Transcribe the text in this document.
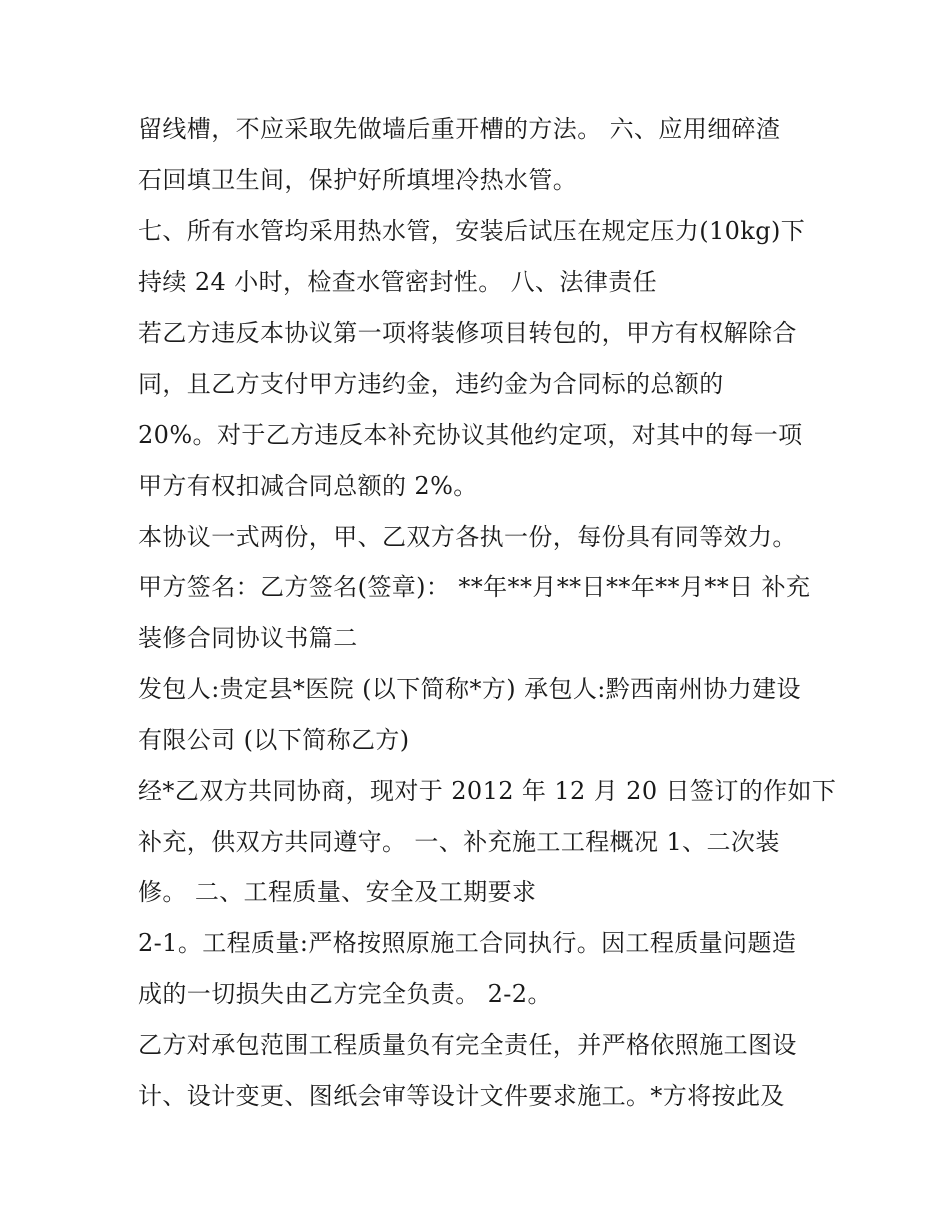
留线槽，不应采取先做墙后重开槽的方法。 六、应用细碎渣
石回填卫生间，保护好所填埋冷热水管。
七、所有水管均采用热水管，安装后试压在规定压力(10kg)下
持续 24 小时，检查水管密封性。 八、法律责任
若乙方违反本协议第一项将装修项目转包的，甲方有权解除合
同，且乙方支付甲方违约金，违约金为合同标的总额的
20%。对于乙方违反本补充协议其他约定项，对其中的每一项
甲方有权扣减合同总额的 2%。
本协议一式两份，甲、乙双方各执一份，每份具有同等效力。
甲方签名：乙方签名(签章)： **年**月**日**年**月**日 补充
装修合同协议书篇二
发包人:贵定县*医院 (以下简称*方) 承包人:黔西南州协力建设
有限公司 (以下简称乙方)
经*乙双方共同协商，现对于 2012 年 12 月 20 日签订的作如下
补充，供双方共同遵守。 一、补充施工工程概况 1、二次装
修。 二、工程质量、安全及工期要求
2-1。工程质量:严格按照原施工合同执行。因工程质量问题造
成的一切损失由乙方完全负责。 2-2。
乙方对承包范围工程质量负有完全责任，并严格依照施工图设
计、设计变更、图纸会审等设计文件要求施工。*方将按此及
